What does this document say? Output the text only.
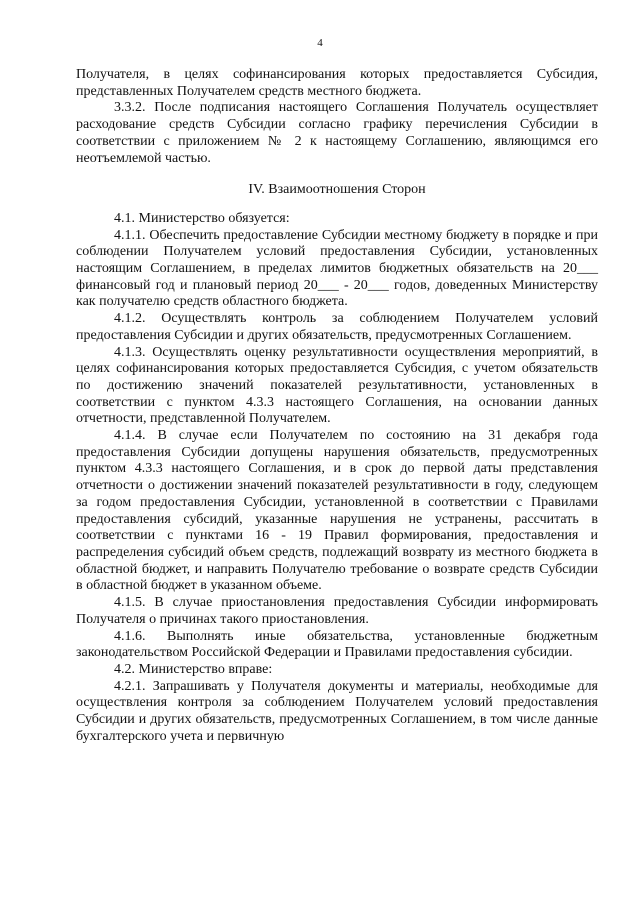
4

Получателя, в целях софинансирования которых предоставляется Субсидия, представленных Получателем средств местного бюджета.

3.3.2. После подписания настоящего Соглашения Получатель осуществляет расходование средств Субсидии согласно графику перечисления Субсидии в соответствии с приложением № 2 к настоящему Соглашению, являющимся его неотъемлемой частью.

IV. Взаимоотношения Сторон

4.1. Министерство обязуется:

4.1.1. Обеспечить предоставление Субсидии местному бюджету в порядке и при соблюдении Получателем условий предоставления Субсидии, установленных настоящим Соглашением, в пределах лимитов бюджетных обязательств на 20___ финансовый год и плановый период 20___ - 20___ годов, доведенных Министерству как получателю средств областного бюджета.

4.1.2. Осуществлять контроль за соблюдением Получателем условий предоставления Субсидии и других обязательств, предусмотренных Соглашением.

4.1.3. Осуществлять оценку результативности осуществления мероприятий, в целях софинансирования которых предоставляется Субсидия, с учетом обязательств по достижению значений показателей результативности, установленных в соответствии с пунктом 4.3.3 настоящего Соглашения, на основании данных отчетности, представленной Получателем.

4.1.4. В случае если Получателем по состоянию на 31 декабря года предоставления Субсидии допущены нарушения обязательств, предусмотренных пунктом 4.3.3 настоящего Соглашения, и в срок до первой даты представления отчетности о достижении значений показателей результативности в году, следующем за годом предоставления Субсидии, установленной в соответствии с Правилами предоставления субсидий, указанные нарушения не устранены, рассчитать в соответствии с пунктами 16 - 19 Правил формирования, предоставления и распределения субсидий объем средств, подлежащий возврату из местного бюджета в областной бюджет, и направить Получателю требование о возврате средств Субсидии в областной бюджет в указанном объеме.

4.1.5. В случае приостановления предоставления Субсидии информировать Получателя о причинах такого приостановления.

4.1.6. Выполнять иные обязательства, установленные бюджетным законодательством Российской Федерации и Правилами предоставления субсидии.

4.2. Министерство вправе:

4.2.1. Запрашивать у Получателя документы и материалы, необходимые для осуществления контроля за соблюдением Получателем условий предоставления Субсидии и других обязательств, предусмотренных Соглашением, в том числе данные бухгалтерского учета и первичную
